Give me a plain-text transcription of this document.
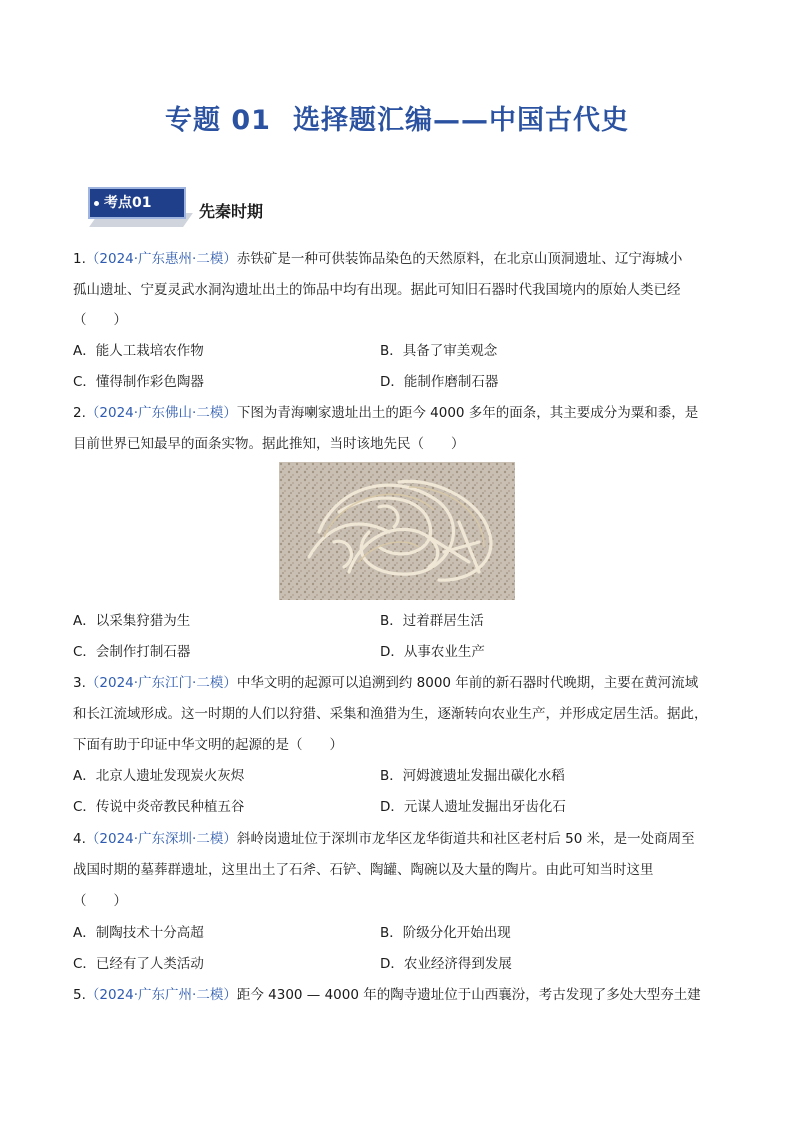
专题 01 选择题汇编——中国古代史
考点01	先秦时期
1.（2024·广东惠州·二模）赤铁矿是一种可供装饰品染色的天然原料，在北京山顶洞遗址、辽宁海城小
孤山遗址、宁夏灵武水洞沟遗址出土的饰品中均有出现。据此可知旧石器时代我国境内的原始人类已经
（　　）
A．能人工栽培农作物	B．具备了审美观念
C．懂得制作彩色陶器	D．能制作磨制石器
2.（2024·广东佛山·二模）下图为青海喇家遗址出土的距今 4000 多年的面条，其主要成分为粟和黍，是
目前世界已知最早的面条实物。据此推知，当时该地先民（　　）
A．以采集狩猎为生	B．过着群居生活
C．会制作打制石器	D．从事农业生产
3.（2024·广东江门·二模）中华文明的起源可以追溯到约 8000 年前的新石器时代晚期，主要在黄河流域
和长江流域形成。这一时期的人们以狩猎、采集和渔猎为生，逐渐转向农业生产，并形成定居生活。据此，
下面有助于印证中华文明的起源的是（　　）
A．北京人遗址发现炭火灰烬	B．河姆渡遗址发掘出碳化水稻
C．传说中炎帝教民种植五谷	D．元谋人遗址发掘出牙齿化石
4.（2024·广东深圳·二模）斜岭岗遗址位于深圳市龙华区龙华街道共和社区老村后 50 米，是一处商周至
战国时期的墓葬群遗址，这里出土了石斧、石铲、陶罐、陶碗以及大量的陶片。由此可知当时这里
（　　）
A．制陶技术十分高超	B．阶级分化开始出现
C．已经有了人类活动	D．农业经济得到发展
5.（2024·广东广州·二模）距今 4300 — 4000 年的陶寺遗址位于山西襄汾，考古发现了多处大型夯土建
